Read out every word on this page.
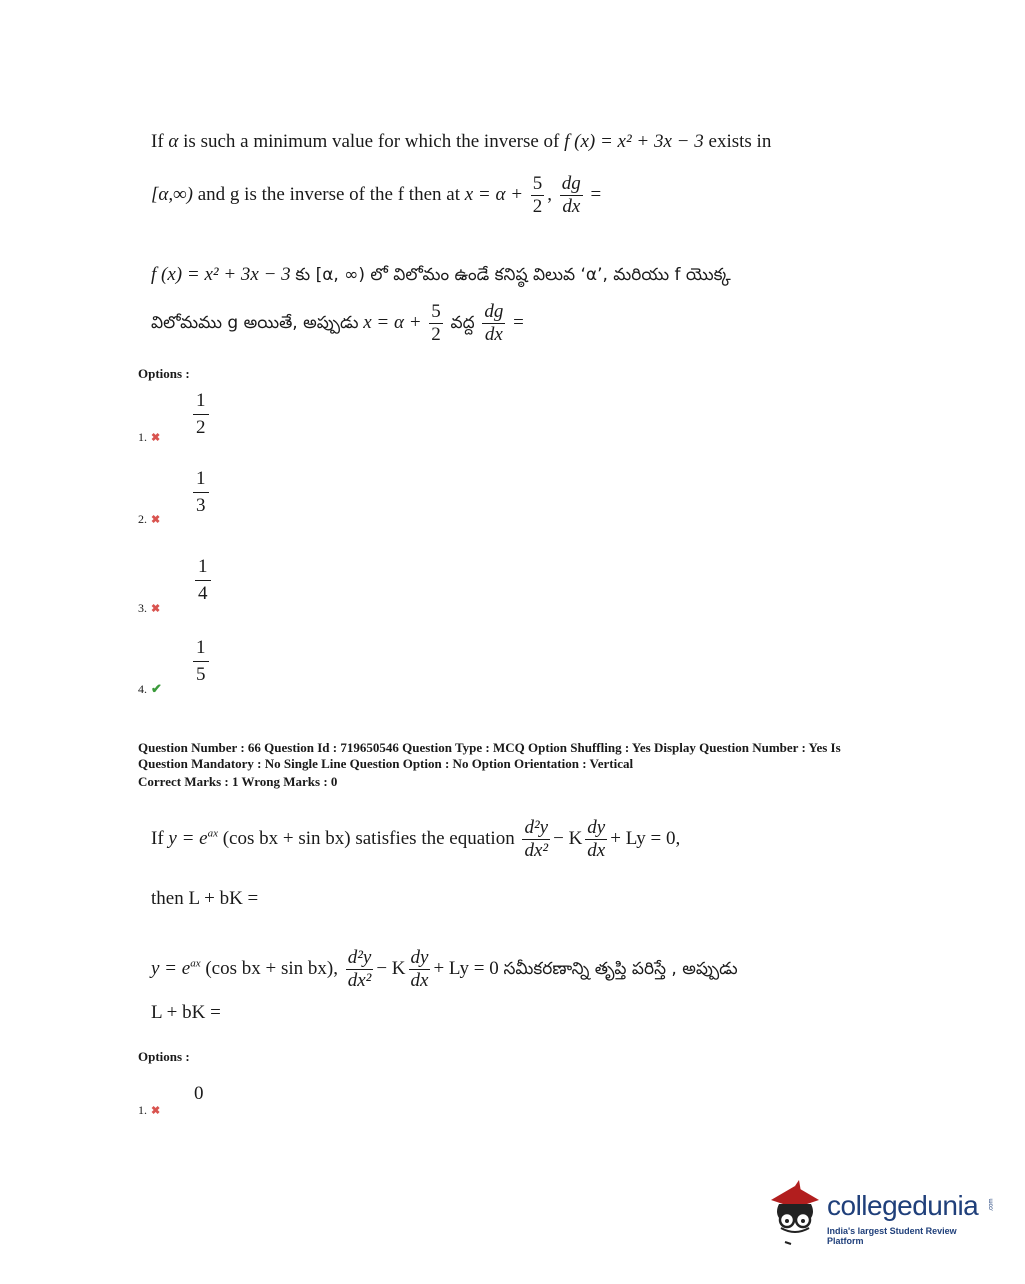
If α is such a minimum value for which the inverse of f (x) = x² + 3x − 3 exists in
[α,∞) and g is the inverse of the f then at $x = \alpha + \frac{5}{2}$ , $\frac{dg}{dx}$ =
f (x) = x² + 3x − 3 కు [α, ∞) లో విలోమం ఉండే కనిష్ఠ విలువ ‘α’, మరియు f యొక్క
విలోమము g అయితే, అప్పుడు $x = \alpha + \frac{5}{2}$ వద్ద $\frac{dg}{dx}$ =
Options :
$\frac{1}{2}$
1. ✖
$\frac{1}{3}$
2. ✖
$\frac{1}{4}$
3. ✖
$\frac{1}{5}$
4. ✔
Question Number : 66 Question Id : 719650546 Question Type : MCQ Option Shuffling : Yes Display Question Number : Yes Is
Question Mandatory : No Single Line Question Option : No Option Orientation : Vertical
Correct Marks : 1 Wrong Marks : 0
If $y = e^{ax}$ (cos bx + sin bx) satisfies the equation $\frac{\text{d²y}}{\text{dx²}} - K \frac{dy}{dx} + Ly = 0$,
then L + bK =
$y = e^{ax}$ (cos bx + sin bx), $\frac{\text{d²y}}{\text{dx²}} - K \frac{dy}{dx} + Ly = 0$ సమీకరణాన్ని తృప్తి పరిస్తే , అప్పుడు
L + bK =
Options :
0
1. ✖
collegedunia
India's largest Student Review Platform
.com
